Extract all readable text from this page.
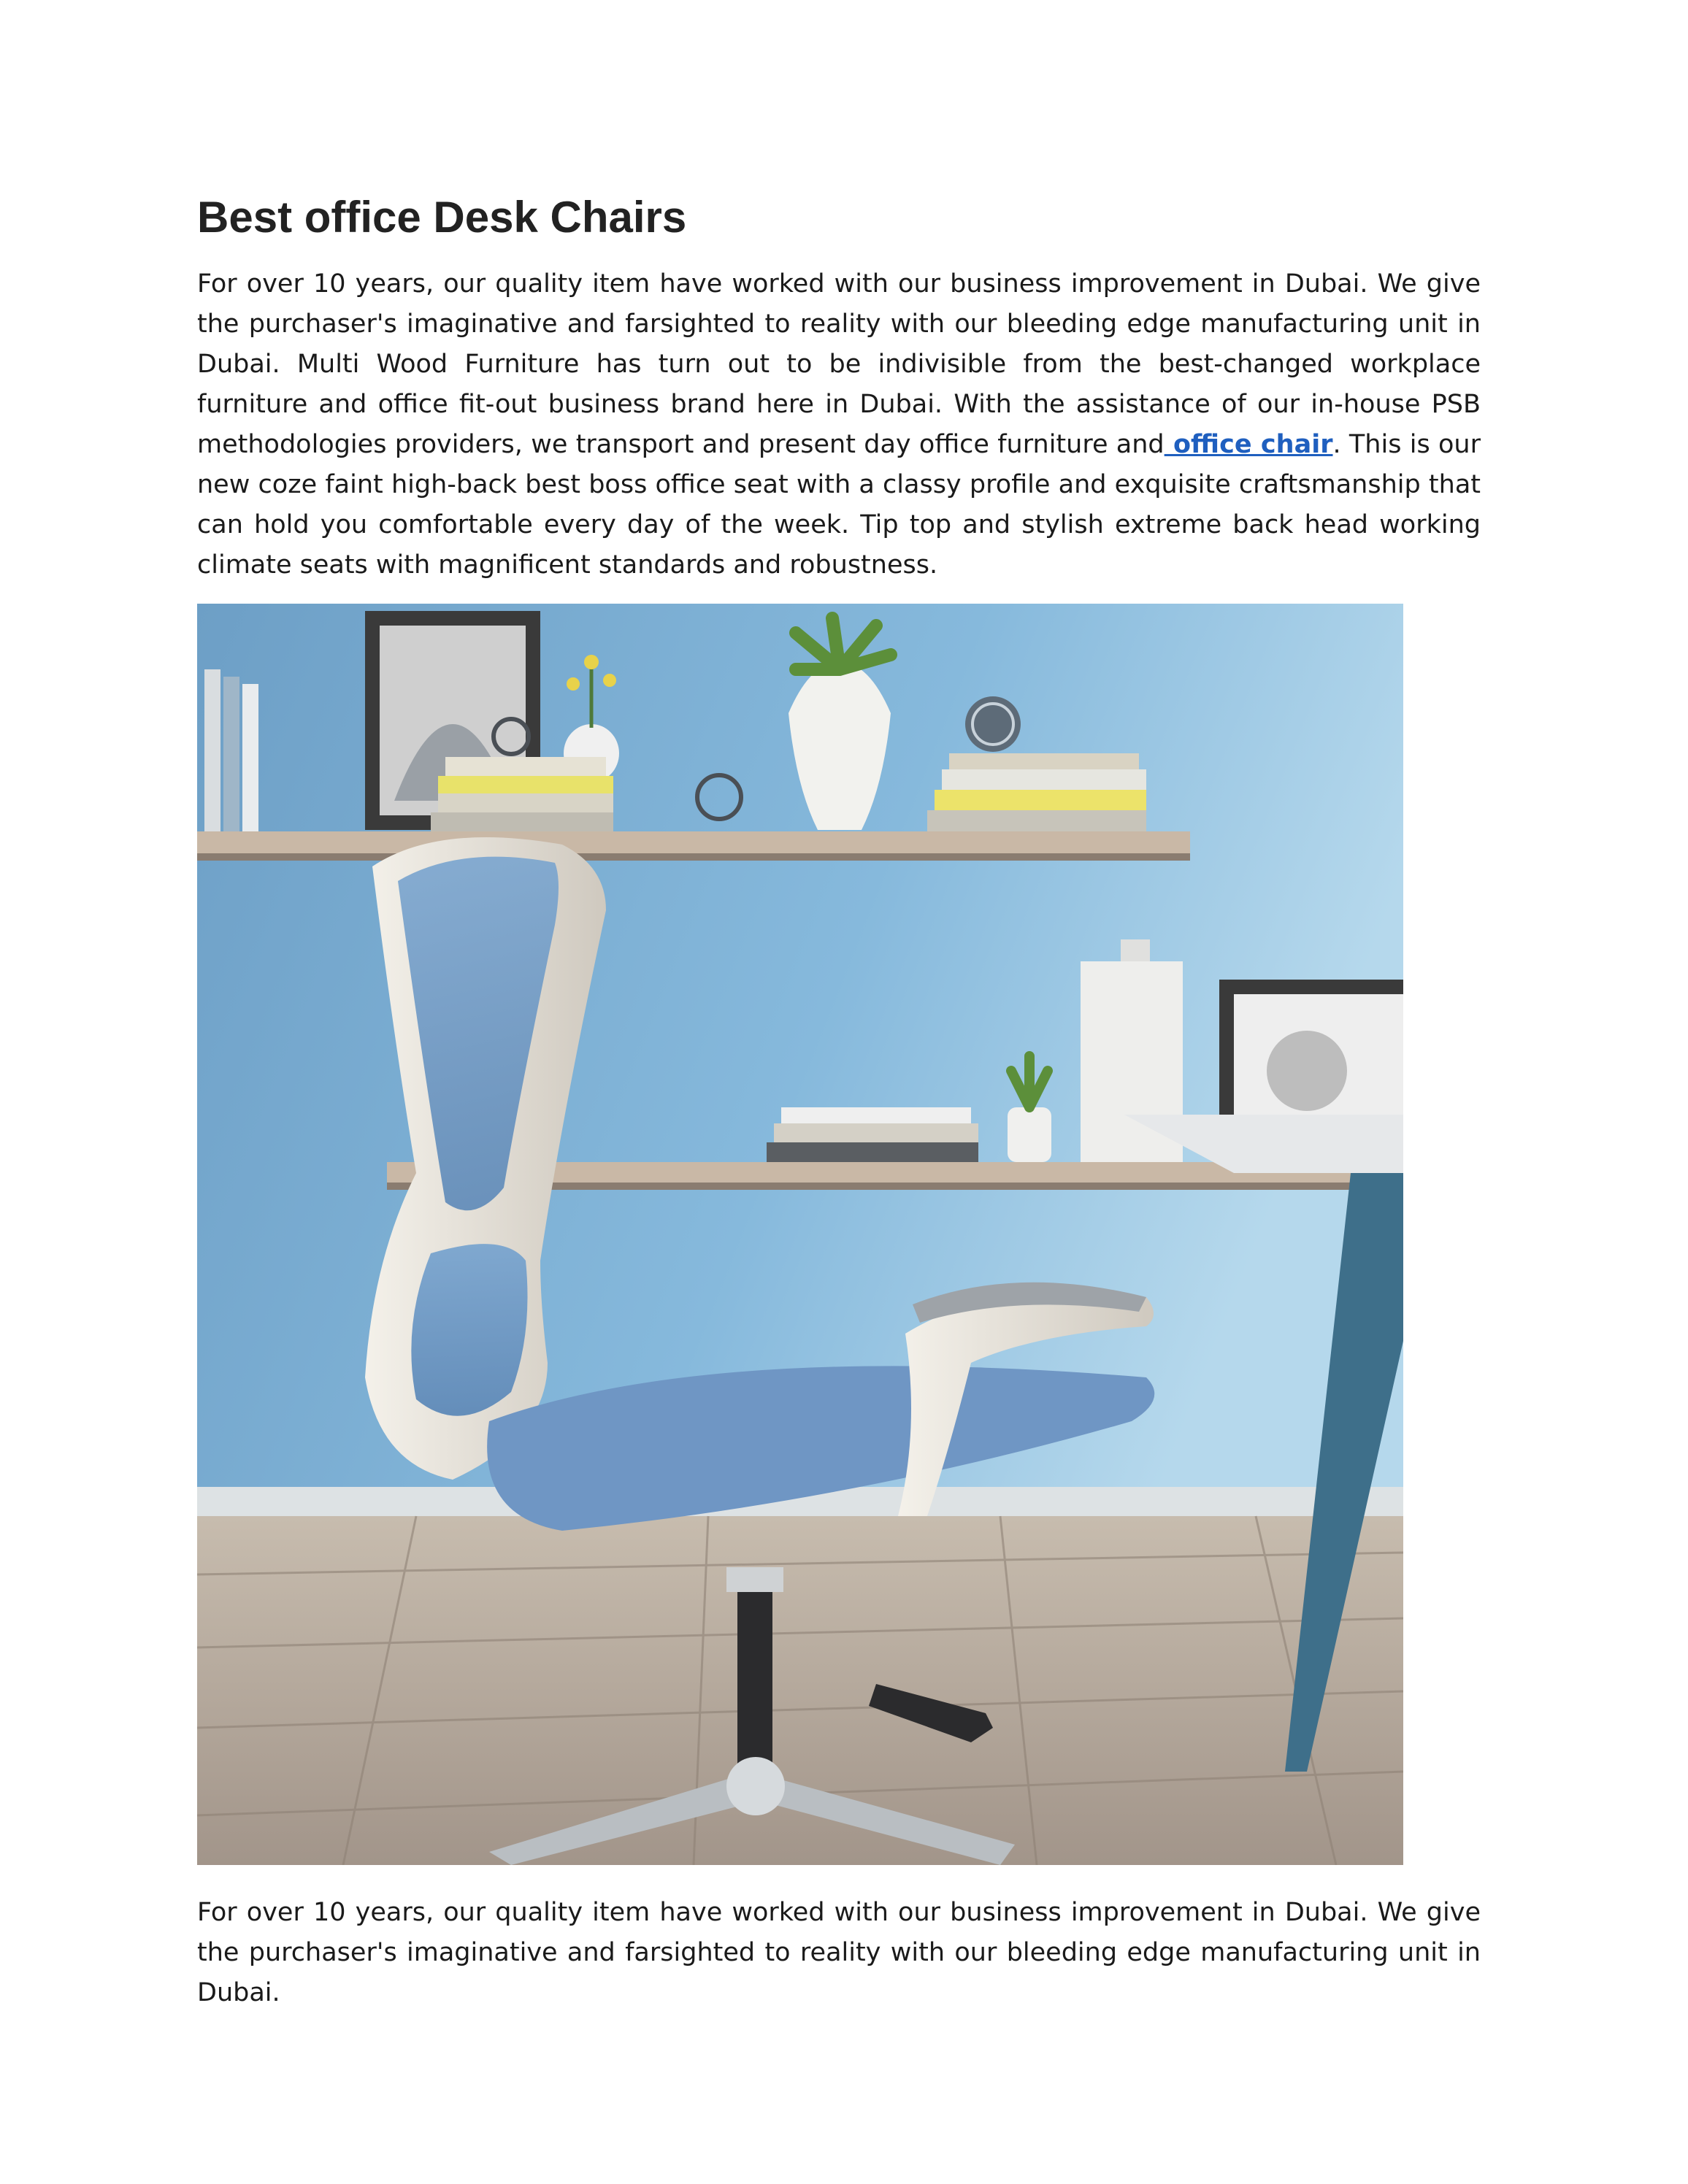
Best office Desk Chairs

For over 10 years, our quality item have worked with our business improvement in Dubai. We give the purchaser's imaginative and farsighted to reality with our bleeding edge manufacturing unit in Dubai. Multi Wood Furniture has turn out to be indivisible from the best-changed workplace furniture and office fit-out business brand here in Dubai. With the assistance of our in-house PSB methodologies providers, we transport and present day office furniture and office chair. This is our new coze faint high-back best boss office seat with a classy profile and exquisite craftsmanship that can hold you comfortable every day of the week. Tip top and stylish extreme back head working climate seats with magnificent standards and robustness.

For over 10 years, our quality item have worked with our business improvement in Dubai. We give the purchaser's imaginative and farsighted to reality with our bleeding edge manufacturing unit in Dubai.
